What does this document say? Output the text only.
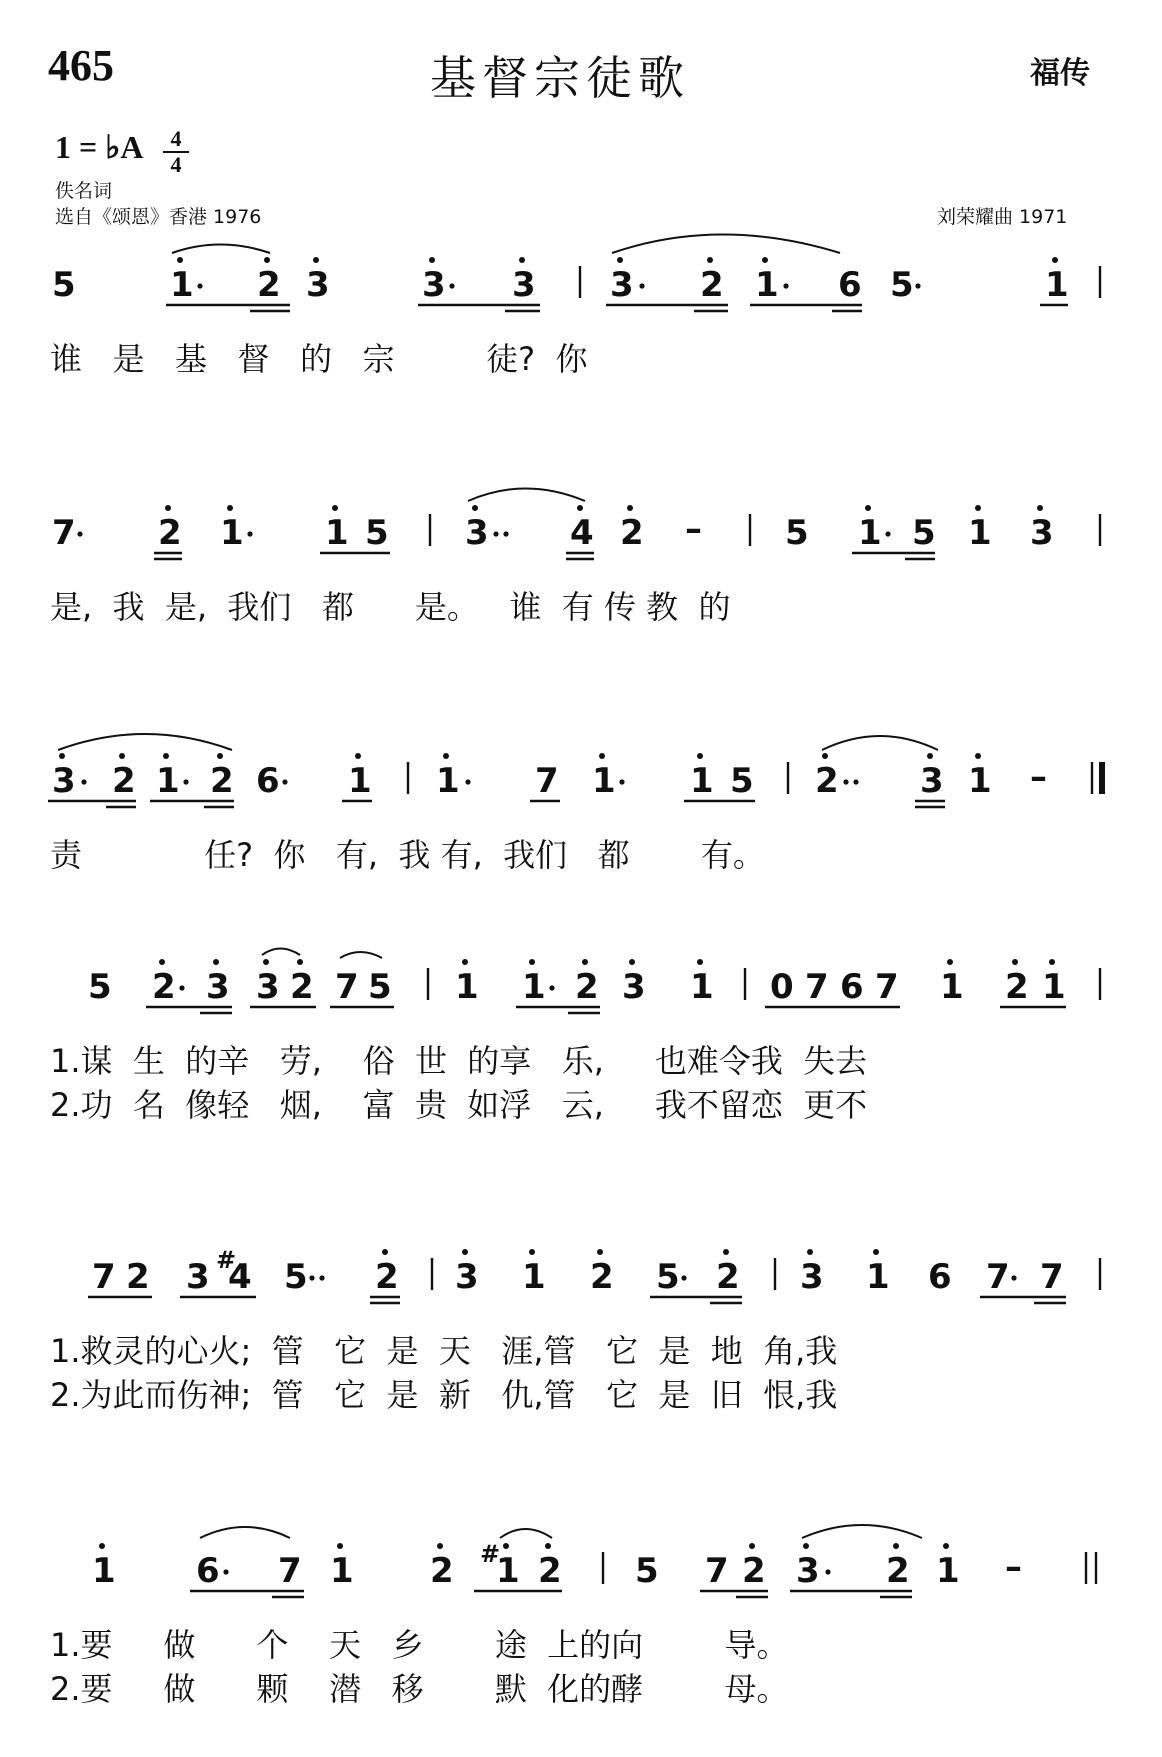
465	基督宗徒歌	福传
1 = ♭A	4
4
佚名词
选自《颂恩》香港 1976	刘荣耀曲 1971
5	1 2 3	3 3 3 2 1 6 5	1
7 2 1 1 5 3 4 2 – 5 1 5 1 3
3 2 1 2 6 1 1 7 1 1 5 2 3 1 –
5 2 3 3 2 7 5 1 1 2 3 1 0 7 6 7 1 2 1
7 2 3 #
4 5 2 3 1 2 5 2 3 1 6 7 7
1 6 7 1 2 #
1 2 5 7 2 3 2 1 –
谁   是   基   督   的   宗         徒?  你
是,  我  是,  我们   都      是。   谁  有 传 教  的
责            任?  你   有,  我 有,  我们   都       有。
1.谋  生  的辛   劳,    俗  世  的享   乐,     也难令我  失去
2.功  名  像轻   烟,    富  贵  如浮   云,     我不留恋  更不
1.救灵的心火;  管   它  是  天   涯,管   它  是  地  角,我
2.为此而伤神;  管   它  是  新   仇,管   它  是  旧  恨,我
1.要     做      个    天   乡       途  上的向        导。
2.要     做      颗    潜   移       默  化的酵        母。
